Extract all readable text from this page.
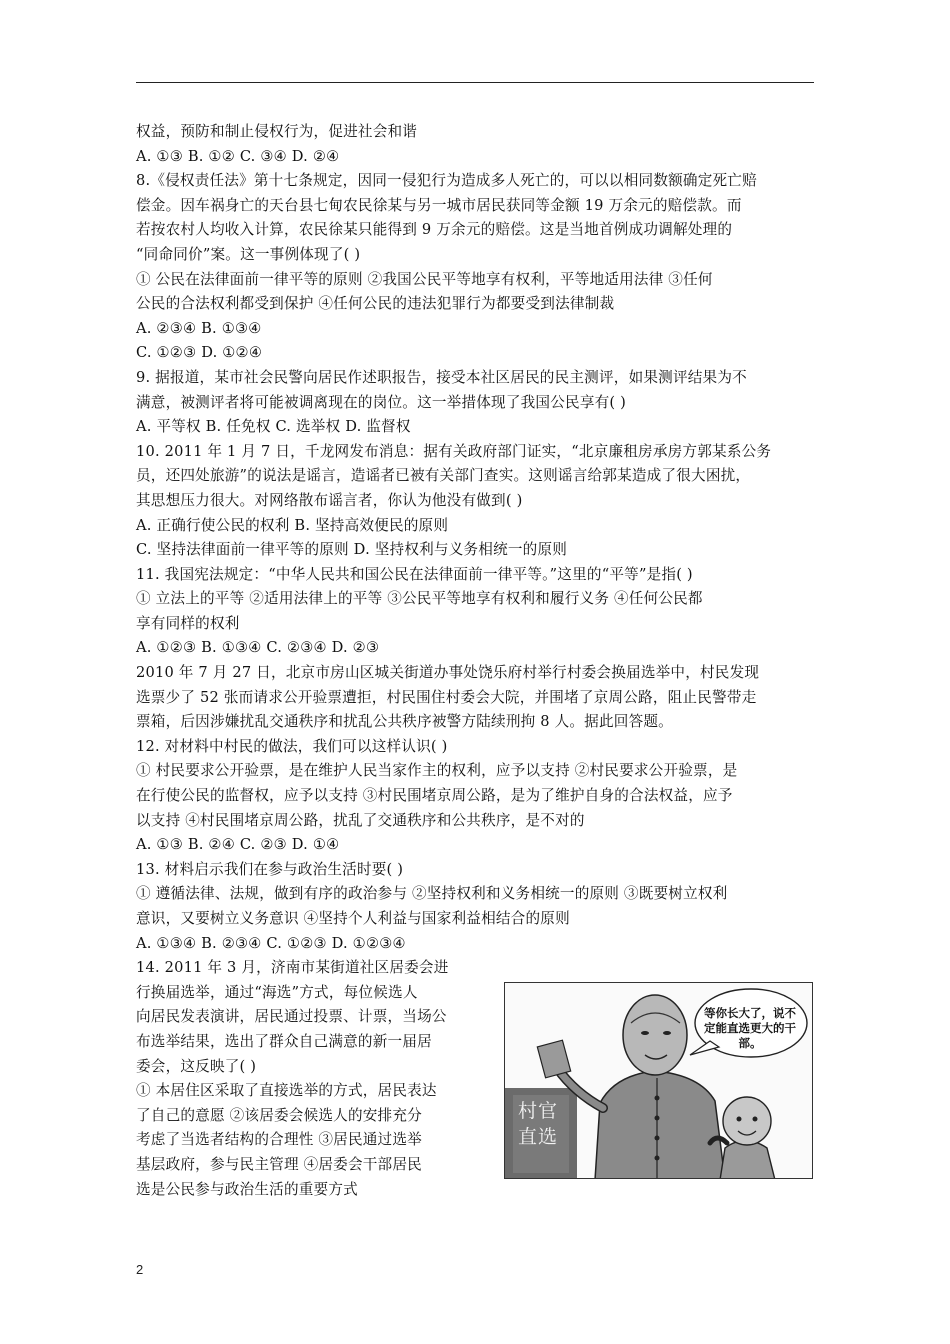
权益，预防和制止侵权行为，促进社会和谐
A. ①③ B. ①② C. ③④ D. ②④
8.《侵权责任法》第十七条规定，因同一侵犯行为造成多人死亡的，可以以相同数额确定死亡赔
偿金。因车祸身亡的天台县七甸农民徐某与另一城市居民获同等金额 19 万余元的赔偿款。而
若按农村人均收入计算，农民徐某只能得到 9 万余元的赔偿。这是当地首例成功调解处理的
“同命同价”案。这一事例体现了( )
① 公民在法律面前一律平等的原则 ②我国公民平等地享有权利，平等地适用法律 ③任何
公民的合法权利都受到保护 ④任何公民的违法犯罪行为都要受到法律制裁
A. ②③④ B. ①③④
C. ①②③ D. ①②④
9. 据报道，某市社会民警向居民作述职报告，接受本社区居民的民主测评，如果测评结果为不
满意，被测评者将可能被调离现在的岗位。这一举措体现了我国公民享有( )
A. 平等权 B. 任免权 C. 选举权 D. 监督权
10. 2011 年 1 月 7 日，千龙网发布消息：据有关政府部门证实，“北京廉租房承房方郭某系公务
员，还四处旅游”的说法是谣言，造谣者已被有关部门查实。这则谣言给郭某造成了很大困扰，
其思想压力很大。对网络散布谣言者，你认为他没有做到( )
A. 正确行使公民的权利 B. 坚持高效便民的原则
C. 坚持法律面前一律平等的原则 D. 坚持权利与义务相统一的原则
11. 我国宪法规定：“中华人民共和国公民在法律面前一律平等。”这里的“平等”是指( )
① 立法上的平等 ②适用法律上的平等 ③公民平等地享有权利和履行义务 ④任何公民都
享有同样的权利
A. ①②③ B. ①③④ C. ②③④ D. ②③
2010 年 7 月 27 日，北京市房山区城关街道办事处饶乐府村举行村委会换届选举中，村民发现
选票少了 52 张而请求公开验票遭拒，村民围住村委会大院，并围堵了京周公路，阻止民警带走
票箱，后因涉嫌扰乱交通秩序和扰乱公共秩序被警方陆续刑拘 8 人。据此回答题。
12. 对材料中村民的做法，我们可以这样认识( )
① 村民要求公开验票，是在维护人民当家作主的权利，应予以支持 ②村民要求公开验票，是
在行使公民的监督权，应予以支持 ③村民围堵京周公路，是为了维护自身的合法权益，应予
以支持 ④村民围堵京周公路，扰乱了交通秩序和公共秩序，是不对的
A. ①③ B. ②④ C. ②③ D. ①④
13. 材料启示我们在参与政治生活时要( )
① 遵循法律、法规，做到有序的政治参与 ②坚持权利和义务相统一的原则 ③既要树立权利
意识，又要树立义务意识 ④坚持个人利益与国家利益相结合的原则
A. ①③④ B. ②③④ C. ①②③ D. ①②③④
14. 2011 年 3 月，济南市某街道社区居委会进
行换届选举，通过“海选”方式，每位候选人
向居民发表演讲，居民通过投票、计票，当场公
布选举结果，选出了群众自己满意的新一届居
委会，这反映了( )
① 本居住区采取了直接选举的方式，居民表达
了自己的意愿 ②该居委会候选人的安排充分
考虑了当选者结构的合理性 ③居民通过选举
基层政府，参与民主管理 ④居委会干部居民
选是公民参与政治生活的重要方式
等你长大了，说不定能直选更大的干部。
村官直选
2
